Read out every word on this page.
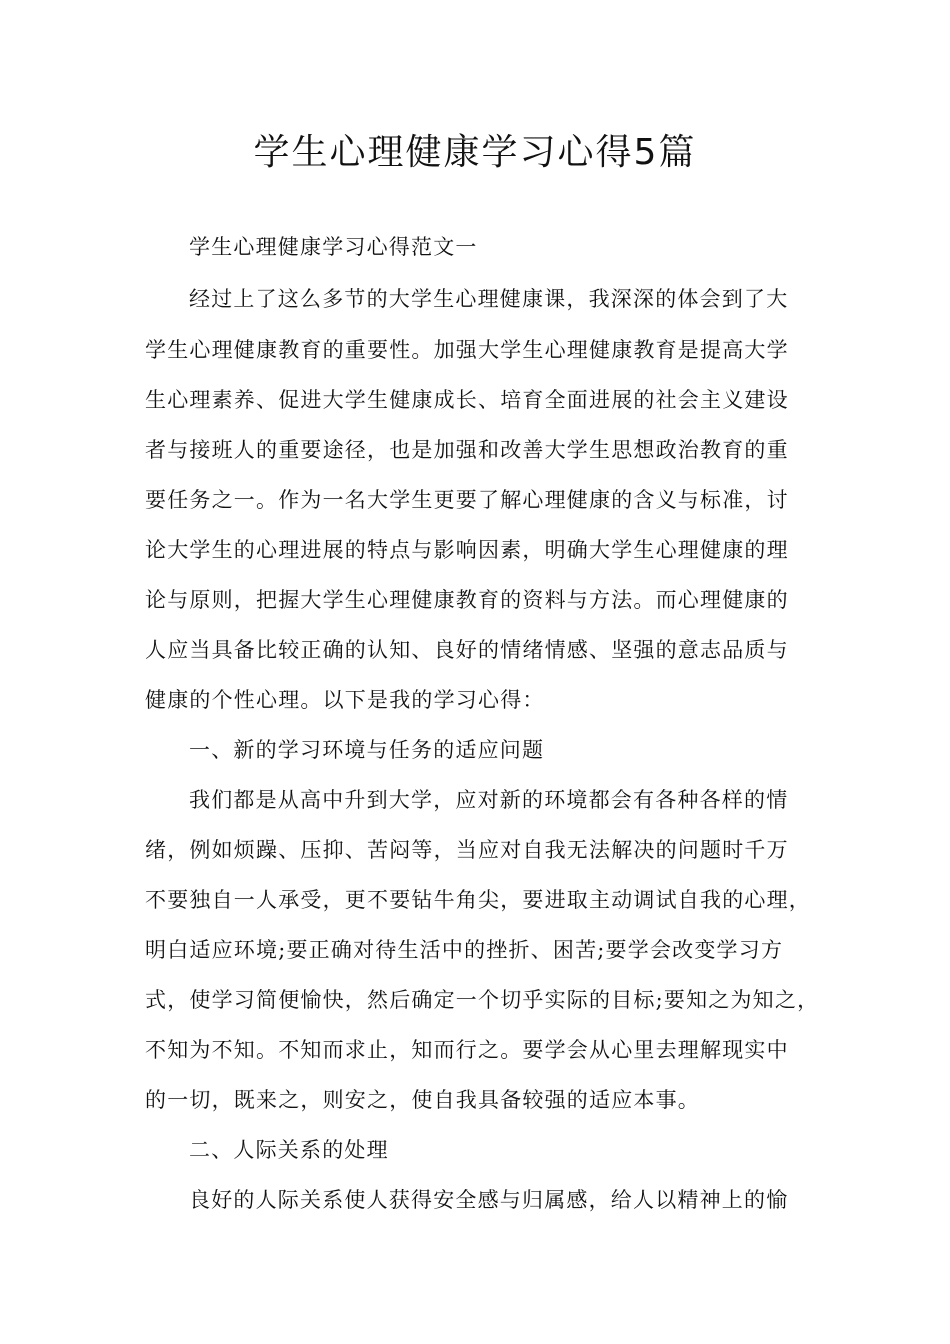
学生心理健康学习心得5篇
学生心理健康学习心得范文一
经过上了这么多节的大学生心理健康课，我深深的体会到了大
学生心理健康教育的重要性。加强大学生心理健康教育是提高大学
生心理素养、促进大学生健康成长、培育全面进展的社会主义建设
者与接班人的重要途径，也是加强和改善大学生思想政治教育的重
要任务之一。作为一名大学生更要了解心理健康的含义与标准，讨
论大学生的心理进展的特点与影响因素，明确大学生心理健康的理
论与原则，把握大学生心理健康教育的资料与方法。而心理健康的
人应当具备比较正确的认知、良好的情绪情感、坚强的意志品质与
健康的个性心理。以下是我的学习心得：
一、新的学习环境与任务的适应问题
我们都是从高中升到大学，应对新的环境都会有各种各样的情
绪，例如烦躁、压抑、苦闷等，当应对自我无法解决的问题时千万
不要独自一人承受，更不要钻牛角尖，要进取主动调试自我的心理，
明白适应环境;要正确对待生活中的挫折、困苦;要学会改变学习方
式，使学习简便愉快，然后确定一个切乎实际的目标;要知之为知之，
不知为不知。不知而求止，知而行之。要学会从心里去理解现实中
的一切，既来之，则安之，使自我具备较强的适应本事。
二、人际关系的处理
良好的人际关系使人获得安全感与归属感，给人以精神上的愉
